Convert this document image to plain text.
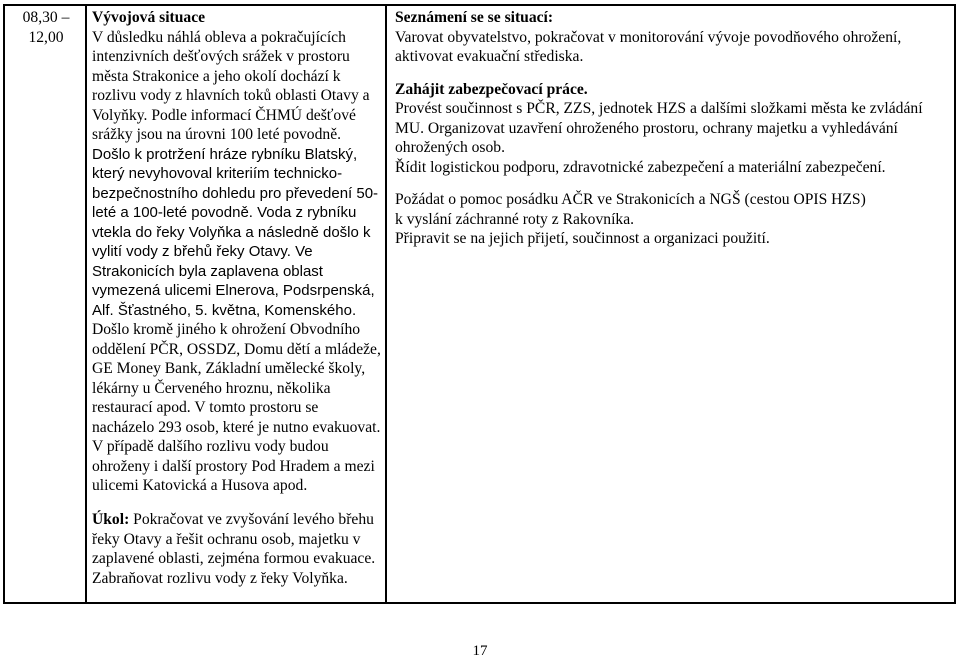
08,30 –

12,00

Vývojová situace

V důsledku náhlá obleva a pokračujících intenzivních dešťových srážek v prostoru města Strakonice a jeho okolí dochází k rozlivu vody z hlavních toků oblasti Otavy a Volyňky. Podle informací ČHMÚ dešťové srážky jsou na úrovni 100 leté povodně. Došlo k protržení hráze rybníku Blatský, který nevyhovoval kriteriím technicko-bezpečnostního dohledu pro převedení 50-leté a 100-leté povodně. Voda z rybníku vtekla do řeky Volyňka a následně došlo k vylití vody z břehů řeky Otavy. Ve Strakonicích byla zaplavena oblast vymezená ulicemi Elnerova, Podsrpenská, Alf. Šťastného, 5. května, Komenského. Došlo kromě jiného k ohrožení Obvodního oddělení PČR, OSSDZ, Domu dětí a mládeže, GE Money Bank, Základní umělecké školy, lékárny u Červeného hroznu, několika restaurací apod. V tomto prostoru se nacházelo 293 osob, které je nutno evakuovat. V případě dalšího rozlivu vody budou ohroženy i další prostory Pod Hradem a mezi ulicemi Katovická a Husova apod.

Úkol: Pokračovat ve zvyšování levého břehu řeky Otavy a řešit ochranu osob, majetku v zaplavené oblasti, zejména formou evakuace. Zabraňovat rozlivu vody z řeky Volyňka.

Seznámení se se situací:

Varovat obyvatelstvo, pokračovat v monitorování vývoje povodňového ohrožení, aktivovat evakuační střediska.

Zahájit zabezpečovací práce.

Provést součinnost s PČR, ZZS, jednotek HZS a dalšími složkami města ke zvládání MU. Organizovat uzavření ohroženého prostoru, ochrany majetku a vyhledávání ohrožených osob.

Řídit logistickou podporu, zdravotnické zabezpečení a materiální zabezpečení.

Požádat o pomoc posádku AČR ve Strakonicích a NGŠ (cestou OPIS HZS)

k vyslání záchranné roty z Rakovníka.

Připravit se na jejich přijetí, součinnost a organizaci použití.

17
